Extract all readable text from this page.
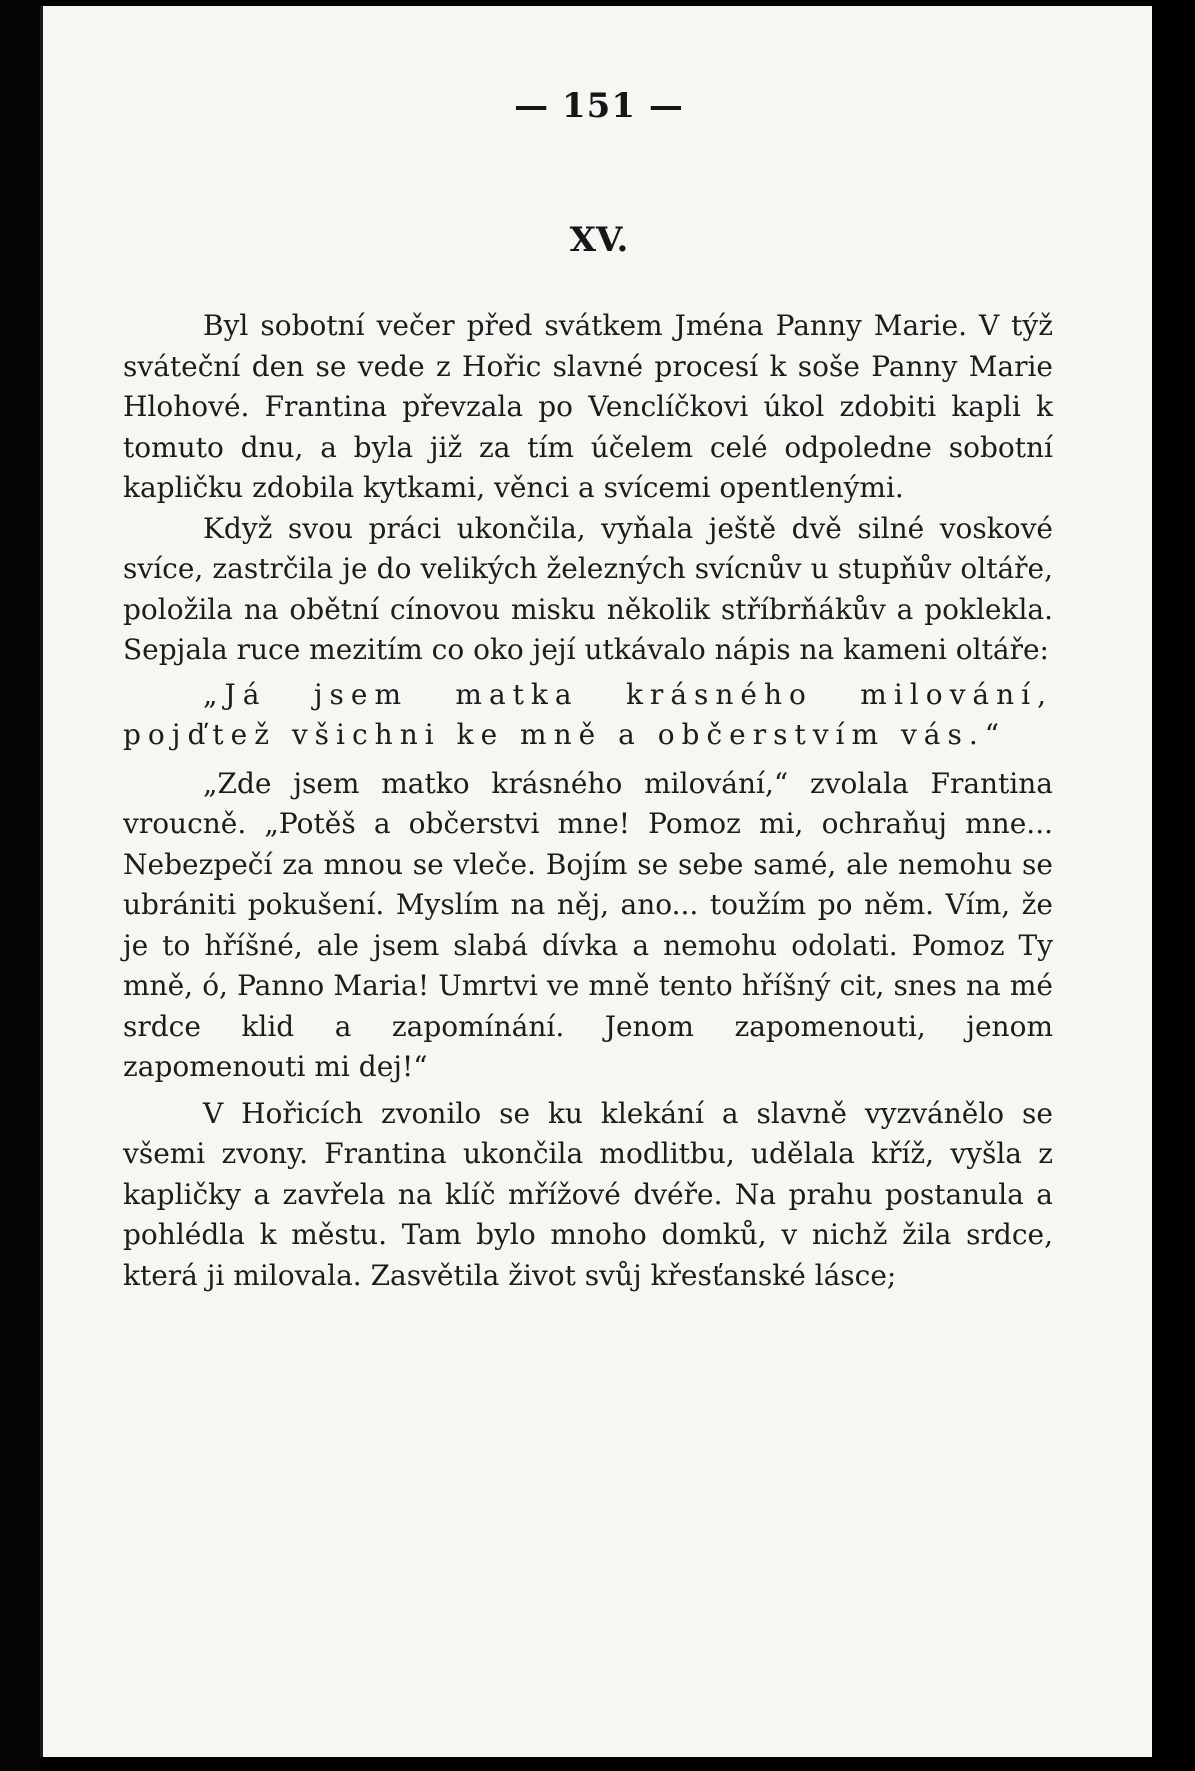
— 151 —
XV.

Byl sobotní večer před svátkem Jména Panny Marie. V týž sváteční den se vede z Hořic slavné procesí k soše Panny Marie Hlohové. Frantina převzala po Venclíčkovi úkol zdobiti kapli k tomuto dnu, a byla již za tím účelem celé odpoledne sobotní kapličku zdobila kytkami, věnci a svícemi opentlenými.

Když svou práci ukončila, vyňala ještě dvě silné voskové svíce, zastrčila je do velikých železných svícnův u stupňův oltáře, položila na obětní cínovou misku několik stříbrňákův a poklekla. Sepjala ruce mezitím co oko její utkávalo nápis na kameni oltáře:

„Já jsem matka krásného milování, pojďtež všichni ke mně a občerstvím vás.“

„Zde jsem matko krásného milování,“ zvolala Frantina vroucně. „Potěš a občerstvi mne! Pomoz mi, ochraňuj mne... Nebezpečí za mnou se vleče. Bojím se sebe samé, ale nemohu se ubrániti pokušení. Myslím na něj, ano... toužím po něm. Vím, že je to hříšné, ale jsem slabá dívka a nemohu odolati. Pomoz Ty mně, ó, Panno Maria! Umrtvi ve mně tento hříšný cit, snes na mé srdce klid a zapomínání. Jenom zapomenouti, jenom zapomenouti mi dej!“

V Hořicích zvonilo se ku klekání a slavně vyzvánělo se všemi zvony. Frantina ukončila modlitbu, udělala kříž, vyšla z kapličky a zavřela na klíč mřížové dvéře. Na prahu postanula a pohlédla k městu. Tam bylo mnoho domků, v nichž žila srdce, která ji milovala. Zasvětila život svůj křesťanské lásce;
